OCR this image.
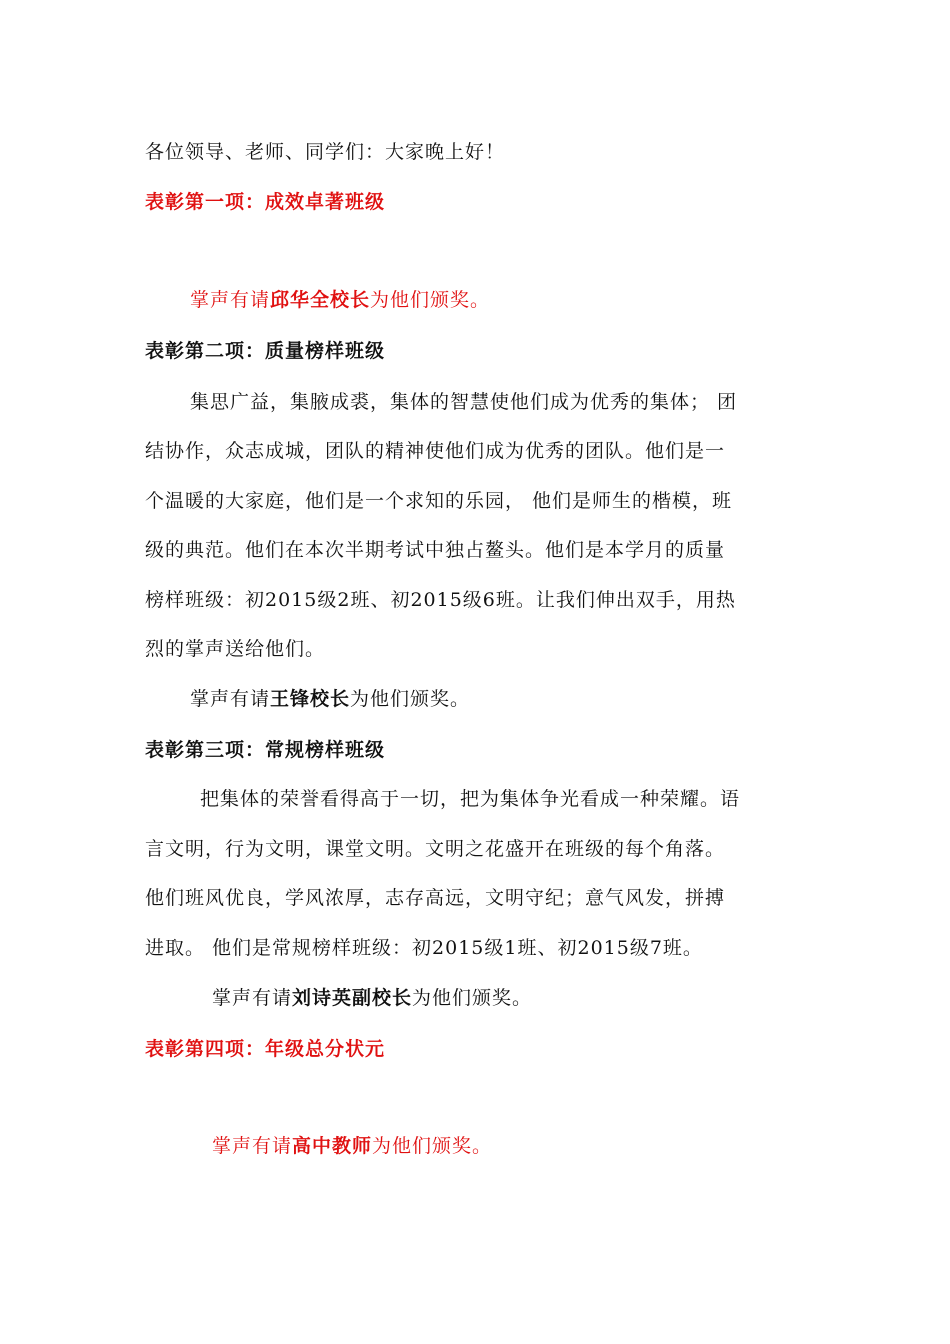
各位领导、老师、同学们：大家晚上好！
表彰第一项：成效卓著班级
掌声有请邱华全校长为他们颁奖。
表彰第二项：质量榜样班级
集思广益，集腋成裘，集体的智慧使他们成为优秀的集体； 团
结协作，众志成城，团队的精神使他们成为优秀的团队。他们是一
个温暖的大家庭，他们是一个求知的乐园， 他们是师生的楷模，班
级的典范。他们在本次半期考试中独占鳌头。他们是本学月的质量
榜样班级：初2015级2班、初2015级6班。让我们伸出双手，用热
烈的掌声送给他们。
掌声有请王锋校长为他们颁奖。
表彰第三项：常规榜样班级
把集体的荣誉看得高于一切，把为集体争光看成一种荣耀。语
言文明，行为文明，课堂文明。文明之花盛开在班级的每个角落。
他们班风优良，学风浓厚，志存高远，文明守纪；意气风发，拼搏
进取。 他们是常规榜样班级：初2015级1班、初2015级7班。
掌声有请刘诗英副校长为他们颁奖。
表彰第四项：年级总分状元
掌声有请高中教师为他们颁奖。
